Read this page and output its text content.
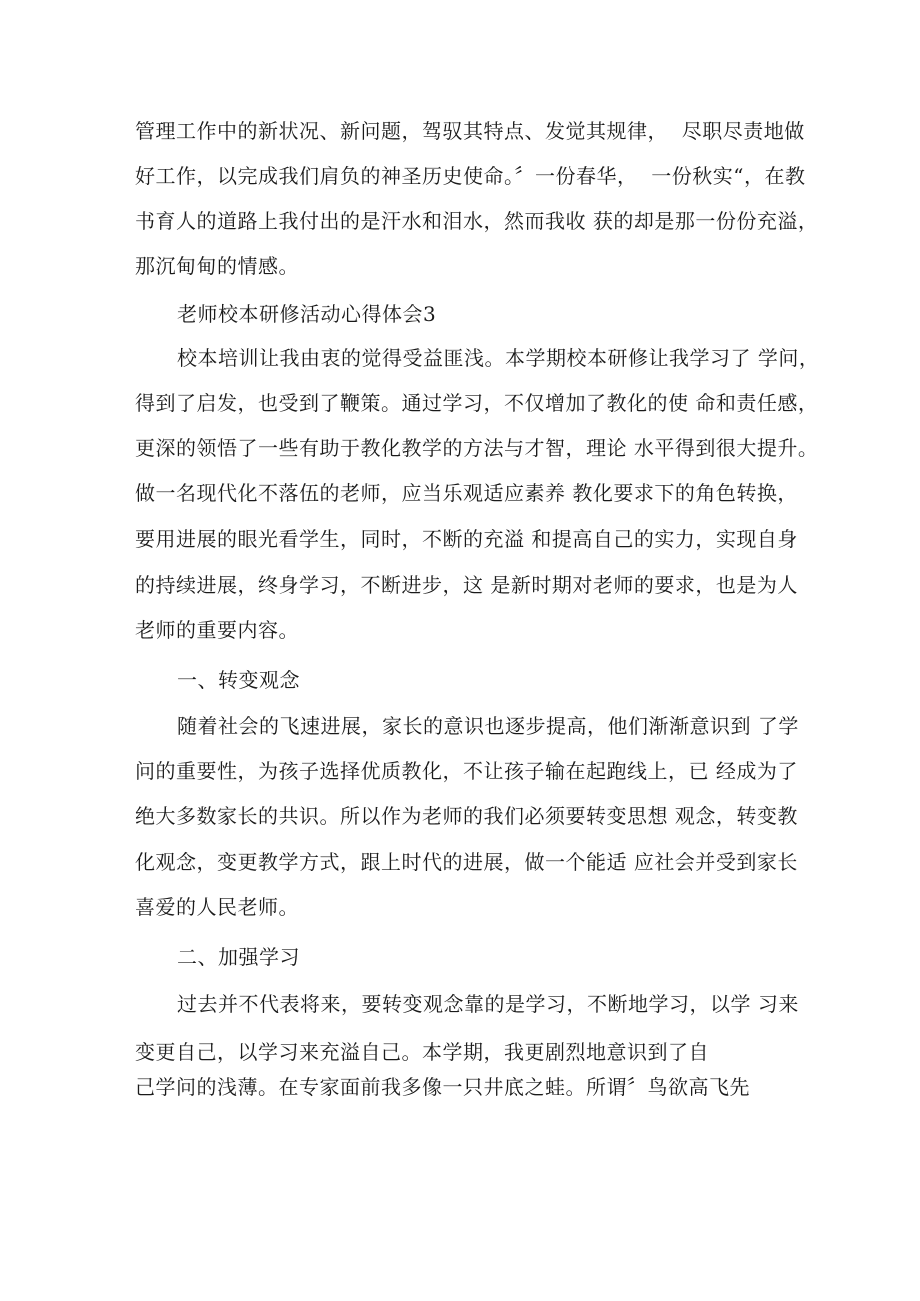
管理工作中的新状况、新问题，驾驭其特点、发觉其规律，  尽职尽责地做
好工作，以完成我们肩负的神圣历史使命。〞一份春华，  一份秋实“，在教
书育人的道路上我付出的是汗水和泪水，然而我收 获的却是那一份份充溢，
那沉甸甸的情感。
老师校本研修活动心得体会3
校本培训让我由衷的觉得受益匪浅。本学期校本研修让我学习了 学问，
得到了启发，也受到了鞭策。通过学习，不仅增加了教化的使 命和责任感，
更深的领悟了一些有助于教化教学的方法与才智，理论 水平得到很大提升。
做一名现代化不落伍的老师，应当乐观适应素养 教化要求下的角色转换，
要用进展的眼光看学生，同时，不断的充溢 和提高自己的实力，实现自身
的持续进展，终身学习，不断进步，这 是新时期对老师的要求，也是为人
老师的重要内容。
一、转变观念
随着社会的飞速进展，家长的意识也逐步提高，他们渐渐意识到 了学
问的重要性，为孩子选择优质教化，不让孩子输在起跑线上，已 经成为了
绝大多数家长的共识。所以作为老师的我们必须要转变思想 观念，转变教
化观念，变更教学方式，跟上时代的进展，做一个能适 应社会并受到家长
喜爱的人民老师。
二、加强学习
过去并不代表将来，要转变观念靠的是学习，不断地学习，以学 习来
变更自己，以学习来充溢自己。本学期，我更剧烈地意识到了自
己学问的浅薄。在专家面前我多像一只井底之蛙。所谓〞鸟欲高飞先
